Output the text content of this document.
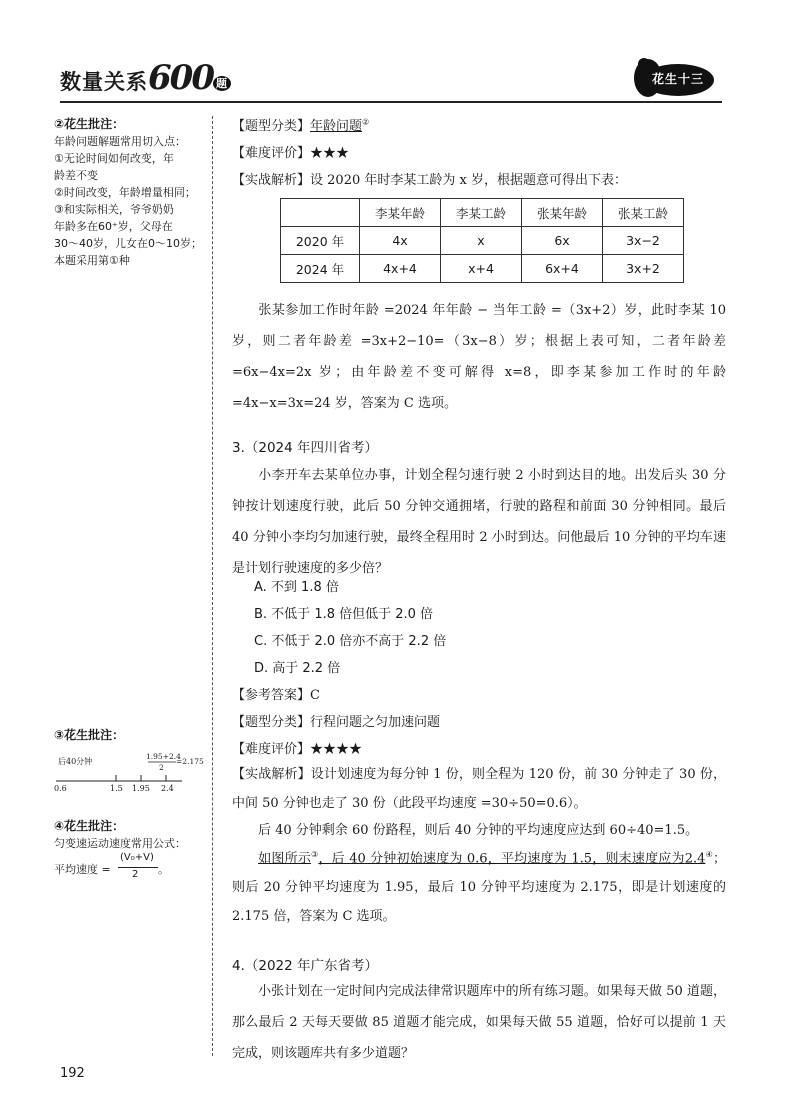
数量关系600 题	花生十三
②花生批注：
年龄问题解题常用切入点：
①无论时间如何改变，年
龄差不变
②时间改变，年龄增量相同；
③和实际相关，爷爷奶奶
年龄多在60⁺岁，父母在
30～40岁，儿女在0～10岁；
本题采用第①种
③花生批注：
后40分钟
1.95+2.4
2
=2.175
0.6	1.5 1.95 2.4
④花生批注：
匀变速运动速度常用公式：
平均速度 =
(V₀+V)
2 。
【题型分类】年龄问题②
【难度评价】★★★
【实战解析】设 2020 年时李某工龄为 x 岁，根据题意可得出下表：
	李某年龄	李某工龄	张某年龄	张某工龄
2020 年	4x	x	6x	3x−2
2024 年	4x+4	x+4	6x+4	3x+2
张某参加工作时年龄 =2024 年年龄 − 当年工龄 =（3x+2）岁，此时李某 10 岁，则二者年龄差 =3x+2−10=（3x−8）岁；根据上表可知，二者年龄差 =6x−4x=2x 岁；由年龄差不变可解得 x=8，即李某参加工作时的年龄 =4x−x=3x=24 岁，答案为 C 选项。
3.（2024 年四川省考）
小李开车去某单位办事，计划全程匀速行驶 2 小时到达目的地。出发后头 30 分钟按计划速度行驶，此后 50 分钟交通拥堵，行驶的路程和前面 30 分钟相同。最后 40 分钟小李均匀加速行驶，最终全程用时 2 小时到达。问他最后 10 分钟的平均车速是计划行驶速度的多少倍？
A. 不到 1.8 倍
B. 不低于 1.8 倍但低于 2.0 倍
C. 不低于 2.0 倍亦不高于 2.2 倍
D. 高于 2.2 倍
【参考答案】C
【题型分类】行程问题之匀加速问题
【难度评价】★★★★
【实战解析】设计划速度为每分钟 1 份，则全程为 120 份，前 30 分钟走了 30 份，中间 50 分钟也走了 30 份（此段平均速度 =30÷50=0.6）。
后 40 分钟剩余 60 份路程，则后 40 分钟的平均速度应达到 60÷40=1.5。
如图所示③，后 40 分钟初始速度为 0.6，平均速度为 1.5，则末速度应为2.4④；则后 20 分钟平均速度为 1.95，最后 10 分钟平均速度为 2.175，即是计划速度的 2.175 倍，答案为 C 选项。
4.（2022 年广东省考）
小张计划在一定时间内完成法律常识题库中的所有练习题。如果每天做 50 道题，那么最后 2 天每天要做 85 道题才能完成，如果每天做 55 道题，恰好可以提前 1 天完成，则该题库共有多少道题？
192
